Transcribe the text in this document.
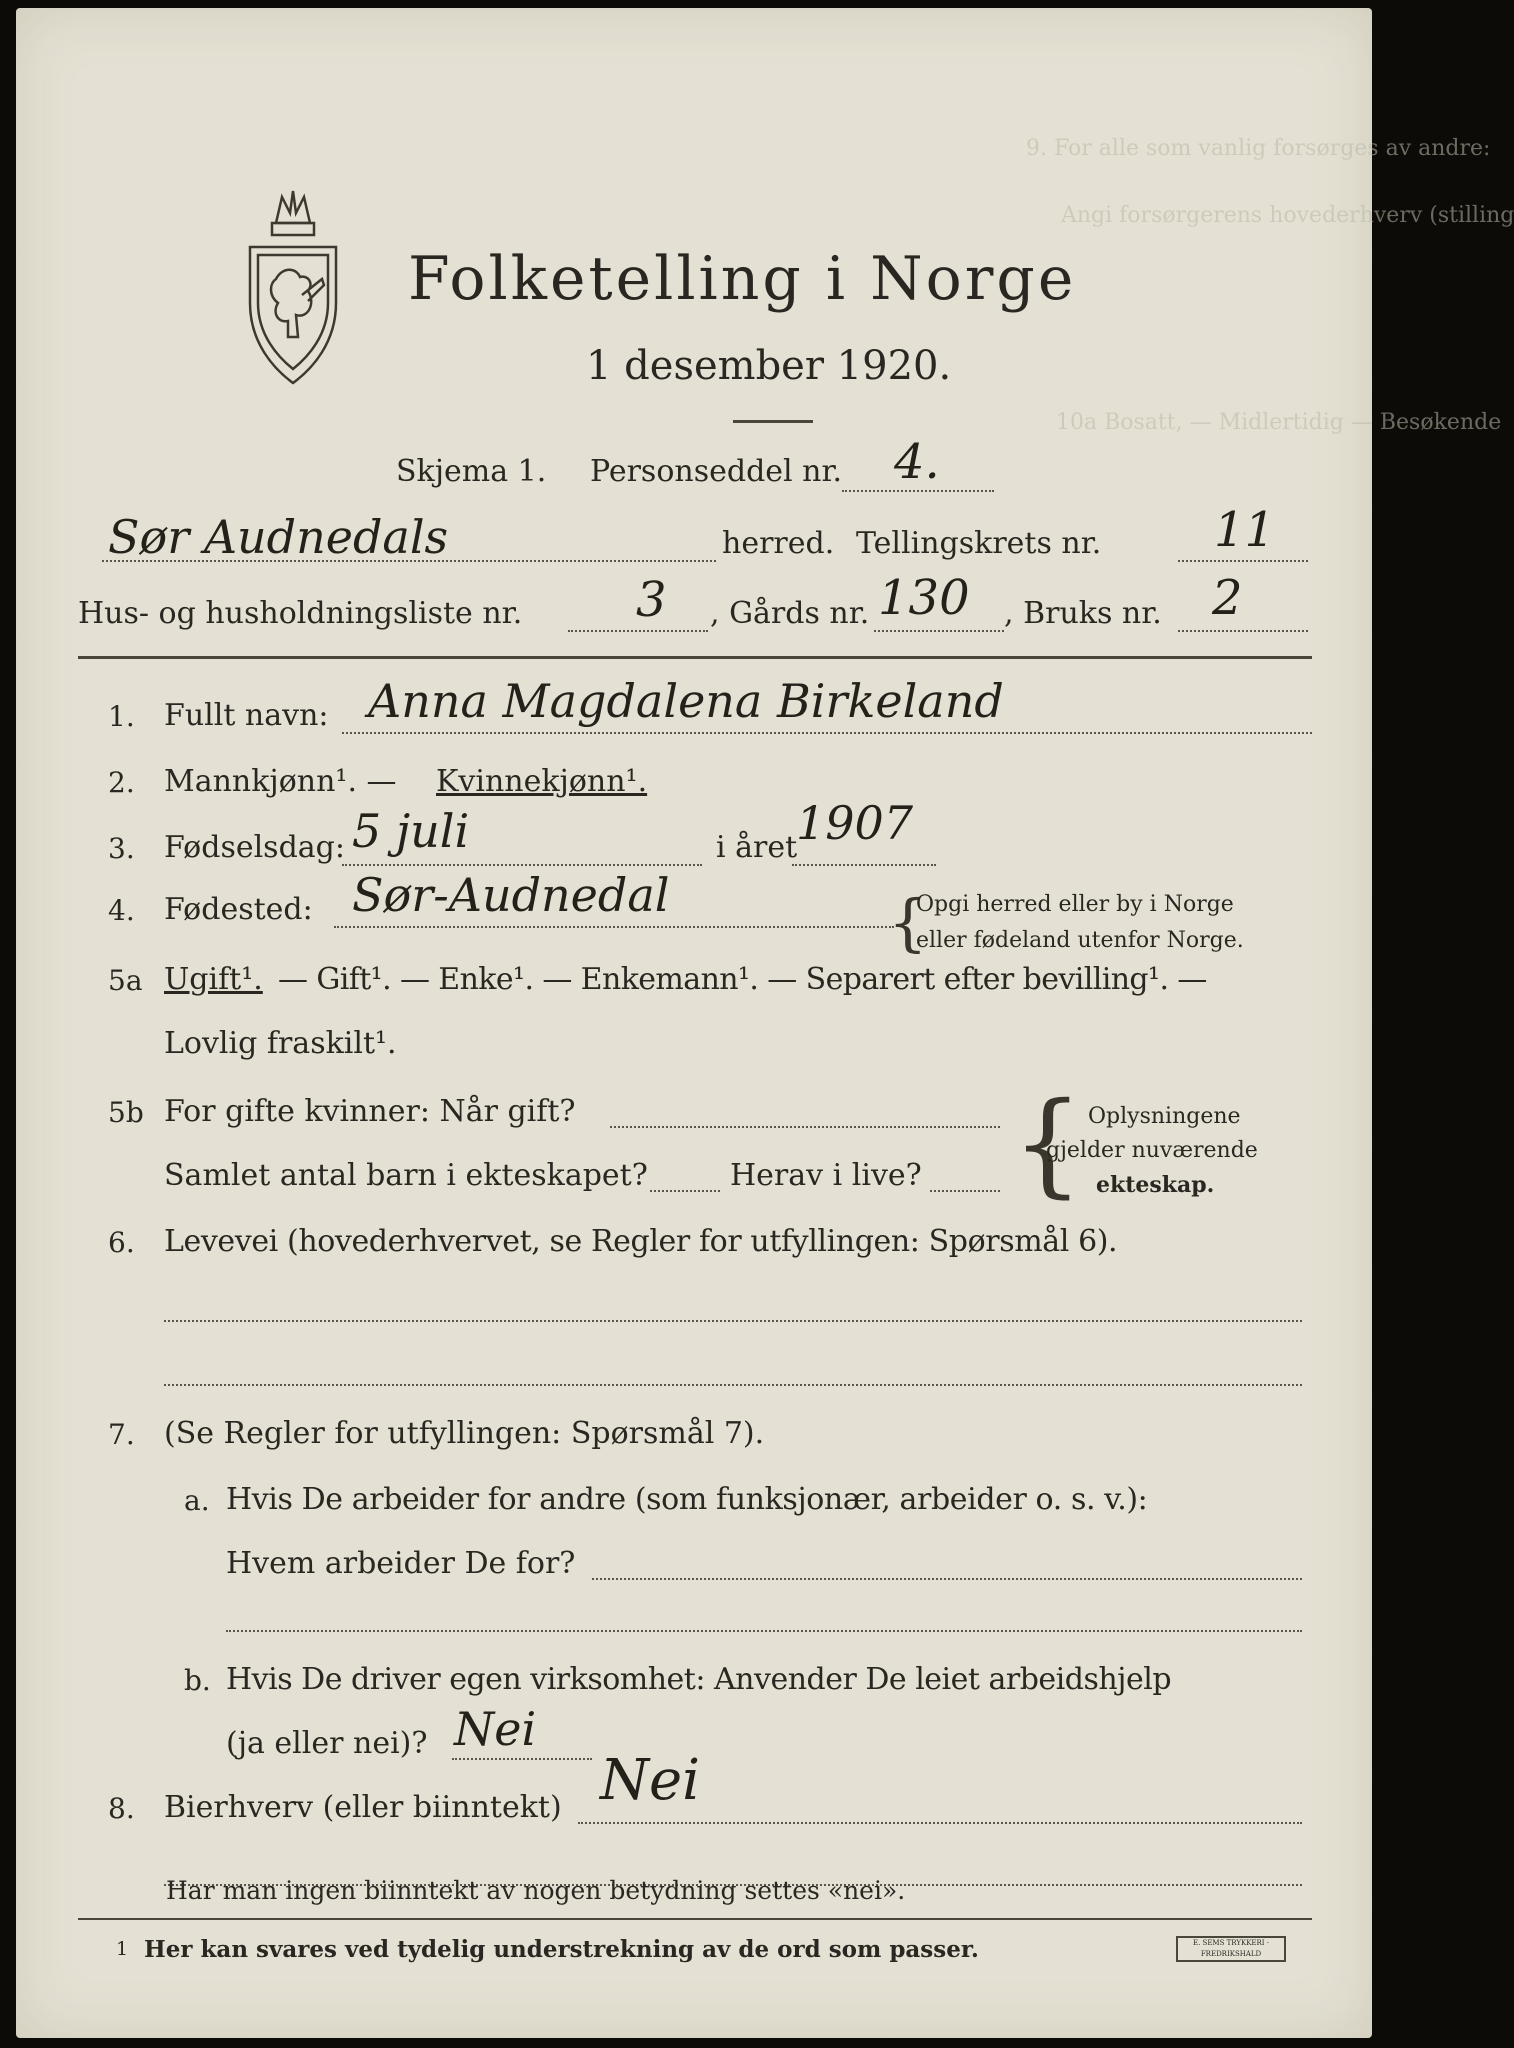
9. For alle som vanlig forsørges av andre:
Angi forsørgerens hovederhverv (stilling
10a Bosatt, — Midlertidig — Besøkende
Folketelling i Norge
1 desember 1920.
Skjema 1. Personseddel nr. 4.
Sør Audnedals	herred. Tellingskrets nr. 11
Hus- og husholdningsliste nr. 3 , Gårds nr. 130 , Bruks nr. 2
1. Fullt navn: Anna Magdalena Birkeland
2. Mannkjønn¹. — Kvinnekjønn¹.
3. Fødselsdag: 5 juli	i året
1907
4. Fødested: Sør-Audnedal	{
Opgi herred eller by i Norge
eller fødeland utenfor Norge.
5a Ugift¹. — Gift¹. — Enke¹. — Enkemann¹. — Separert efter bevilling¹. —
Lovlig fraskilt¹.
5b For gifte kvinner: Når gift?
Samlet antal barn i ekteskapet?	Herav i live? { Oplysningene
gjelder nuværende
ekteskap.
6. Levevei (hovederhvervet, se Regler for utfyllingen: Spørsmål 6).
7. (Se Regler for utfyllingen: Spørsmål 7).
a. Hvis De arbeider for andre (som funksjonær, arbeider o. s. v.):
Hvem arbeider De for?
b. Hvis De driver egen virksomhet: Anvender De leiet arbeidshjelp
(ja eller nei)? Nei
8. Bierhverv (eller biinntekt) Nei
Har man ingen biinntekt av nogen betydning settes «nei».
1 Her kan svares ved tydelig understrekning av de ord som passer.	E. SEMS TRYKKERI · FREDRIKSHALD
